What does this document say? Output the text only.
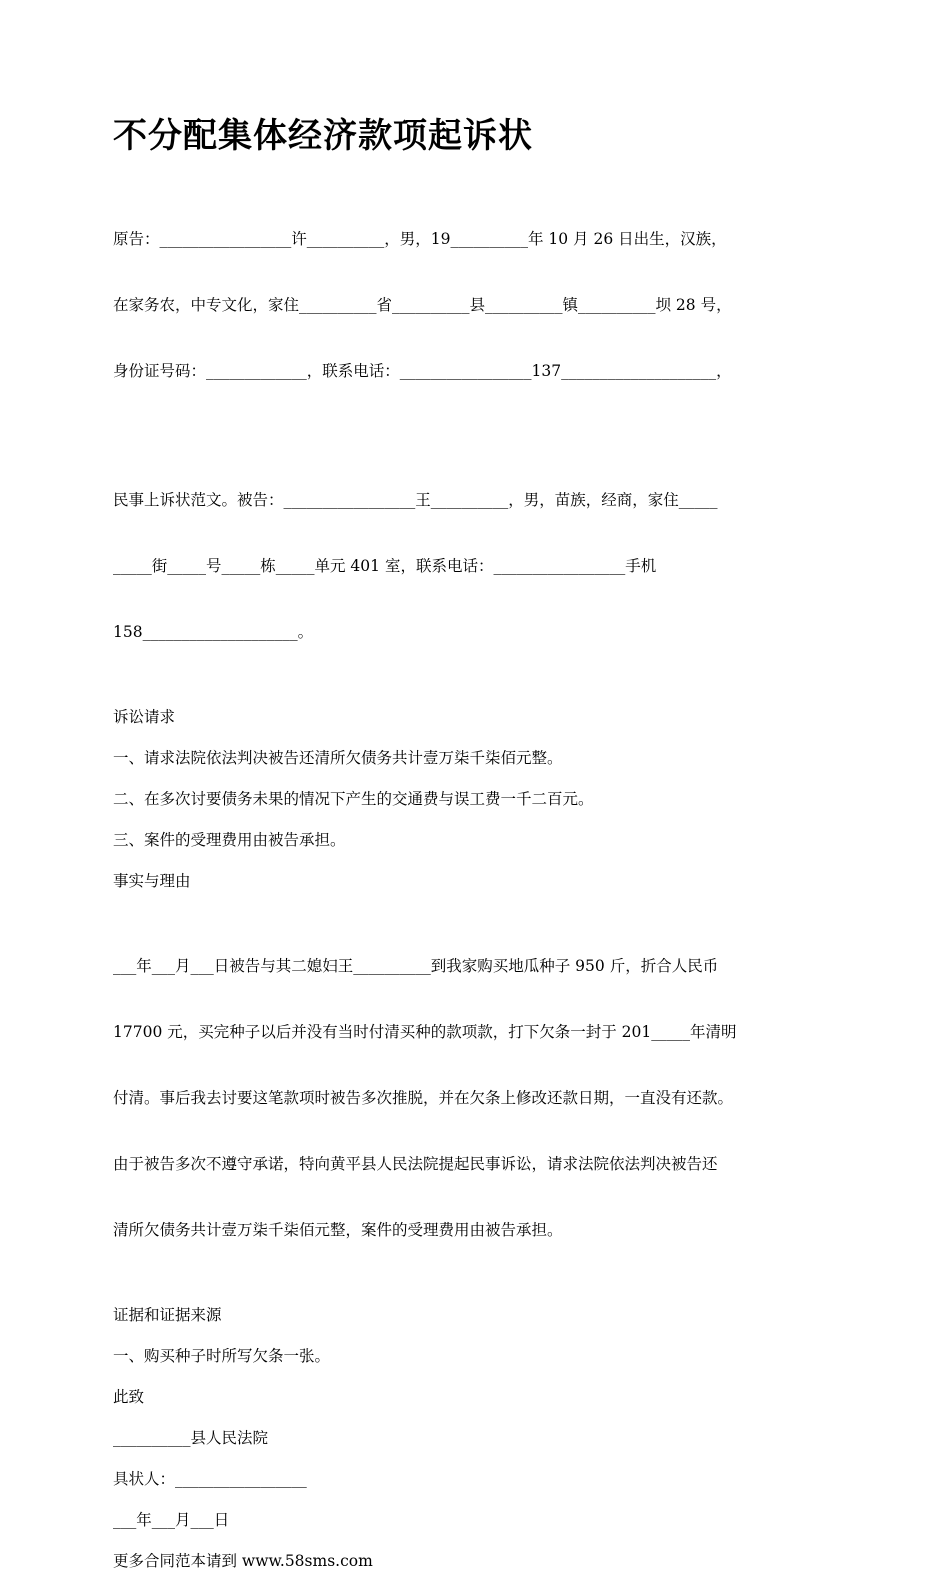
不分配集体经济款项起诉状

原告：_________________许__________，男，19__________年 10 月 26 日出生，汉族，

在家务农，中专文化，家住__________省__________县__________镇__________坝 28 号，

身份证号码：_____________，联系电话：_________________137____________________，

民事上诉状范文。被告：_________________王__________，男，苗族，经商，家住_____

_____街_____号_____栋_____单元 401 室，联系电话：_________________手机

158____________________。

诉讼请求

一、请求法院依法判决被告还清所欠债务共计壹万柒千柒佰元整。

二、在多次讨要债务未果的情况下产生的交通费与误工费一千二百元。

三、案件的受理费用由被告承担。

事实与理由

___年___月___日被告与其二媳妇王__________到我家购买地瓜种子 950 斤，折合人民币

17700 元，买完种子以后并没有当时付清买种的款项款，打下欠条一封于 201_____年清明

付清。事后我去讨要这笔款项时被告多次推脱，并在欠条上修改还款日期，一直没有还款。

由于被告多次不遵守承诺，特向黄平县人民法院提起民事诉讼，请求法院依法判决被告还

清所欠债务共计壹万柒千柒佰元整，案件的受理费用由被告承担。

证据和证据来源

一、购买种子时所写欠条一张。

此致

__________县人民法院

具状人：_________________

___年___月___日

更多合同范本请到 www.58sms.com
